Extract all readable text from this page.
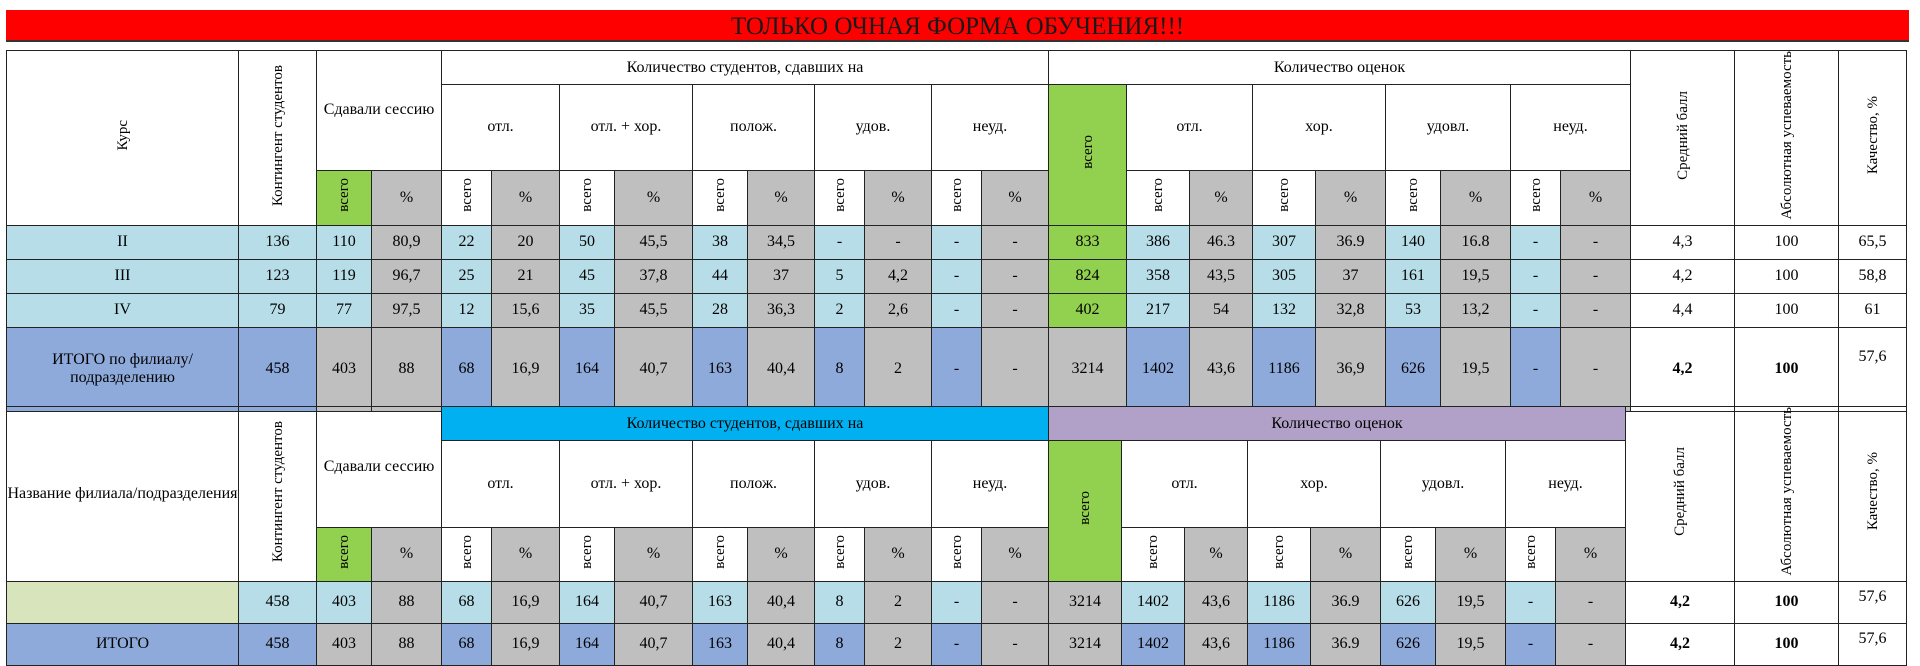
ТОЛЬКО ОЧНАЯ ФОРМА ОБУЧЕНИЯ!!!
Курс	Контингент студентов	Сдавали сессию		Количество студентов, сдавших на										Количество оценок									Средний балл	Абсолютная успеваемость	Качество, %
				отл.		отл. + хор.		полож.		удов.		неуд.		всего	отл.		хор.		удовл.		неуд.				
		всего	%	всего	%	всего	%	всего	%	всего	%	всего	%		всего	%	всего	%	всего	%	всего	%			
II	136	110	80,9	22	20	50	45,5	38	34,5	-	-	-	-	833	386	46.3	307	36.9	140	16.8	-	-	4,3	100	65,5
III	123	119	96,7	25	21	45	37,8	44	37	5	4,2	-	-	824	358	43,5	305	37	161	19,5	-	-	4,2	100	58,8
IV	79	77	97,5	12	15,6	35	45,5	28	36,3	2	2,6	-	-	402	217	54	132	32,8	53	13,2	-	-	4,4	100	61
ИТОГО по филиалу/подразделению	458	403	88	68	16,9	164	40,7	163	40,4	8	2	-	-	3214	1402	43,6	1186	36,9	626	19,5	-	-	4,2	100	57,6
Название филиала/подразделения	Контингент студентов	Сдавали сессию		Количество студентов, сдавших на										Количество оценок									Средний балл	Абсолютная успеваемость	Качество, %
				отл.		отл. + хор.		полож.		удов.		неуд.		всего	отл.		хор.		удовл.		неуд.				
		всего	%	всего	%	всего	%	всего	%	всего	%	всего	%		всего	%	всего	%	всего	%	всего	%			
	458	403	88	68	16,9	164	40,7	163	40,4	8	2	-	-	3214	1402	43,6	1186	36.9	626	19,5	-	-	4,2	100	57,6
ИТОГО	458	403	88	68	16,9	164	40,7	163	40,4	8	2	-	-	3214	1402	43,6	1186	36.9	626	19,5	-	-	4,2	100	57,6
